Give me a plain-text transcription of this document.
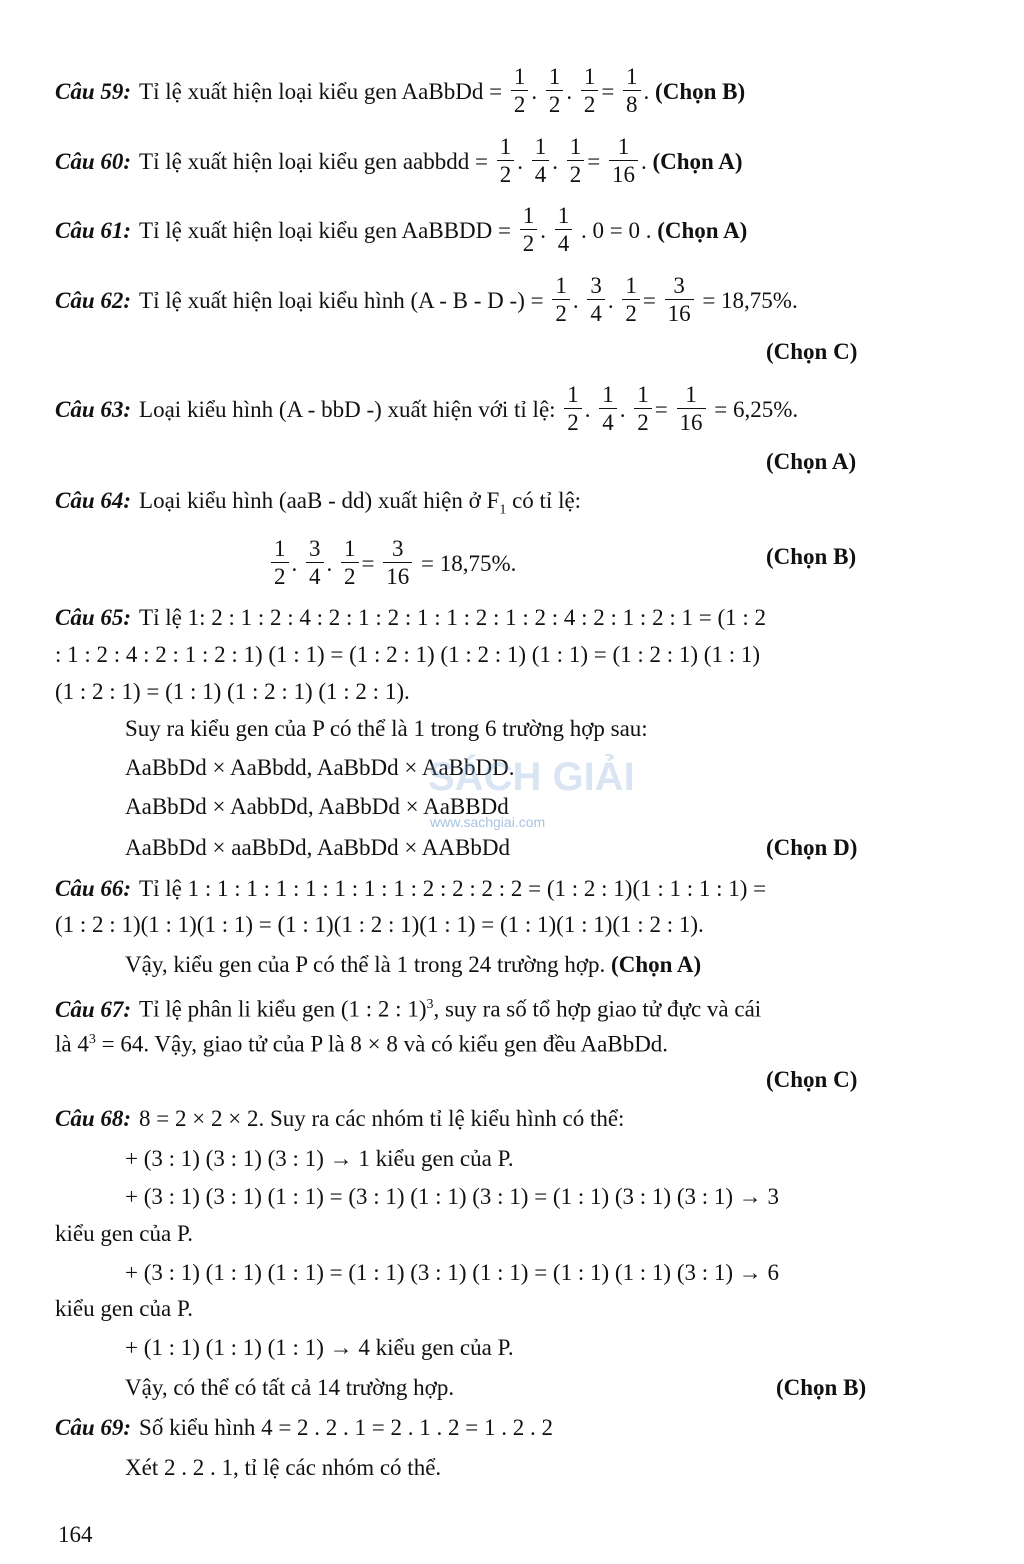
Câu 59: Tỉ lệ xuất hiện loại kiểu gen AaBbDd = $\frac{1}{2}$ . $\frac{1}{2}$ . $\frac{1}{2} = \frac{1}{8}$ . (Chọn B)
Câu 60: Tỉ lệ xuất hiện loại kiểu gen aabbdd = $\frac{1}{2}$ . $\frac{1}{4}$ . $\frac{1}{2} = \frac{1}{16}$ . (Chọn A)
Câu 61: Tỉ lệ xuất hiện loại kiểu gen AaBBDD = $\frac{1}{2}$ . $\frac{1}{4}$ . 0 = 0 . (Chọn A)
Câu 62: Tỉ lệ xuất hiện loại kiểu hình (A - B - D -) = $\frac{1}{2}$ . $\frac{3}{4}$ . $\frac{1}{2} = \frac{3}{16} = 18,75\%$.
(Chọn C)
Câu 63: Loại kiểu hình (A - bbD -) xuất hiện với tỉ lệ: $\frac{1}{2}$ . $\frac{1}{4}$ . $\frac{1}{2} = \frac{1}{16} = 6,25\%$.
(Chọn A)
Câu 64: Loại kiểu hình (aaB - dd) xuất hiện ở $F_1$ có tỉ lệ:
$\frac{1}{2}$ . $\frac{3}{4}$ . $\frac{1}{2} = \frac{3}{16} = 18,75\%$.	(Chọn B)
Câu 65: Tỉ lệ 1: 2 : 1 : 2 : 4 : 2 : 1 : 2 : 1 : 1 : 2 : 1 : 2 : 4 : 2 : 1 : 2 : 1 = (1 : 2
: 1 : 2 : 4 : 2 : 1 : 2 : 1) (1 : 1) = (1 : 2 : 1) (1 : 2 : 1) (1 : 1) = (1 : 2 : 1) (1 : 1)
(1 : 2 : 1) = (1 : 1) (1 : 2 : 1) (1 : 2 : 1).
Suy ra kiểu gen của P có thể là 1 trong 6 trường hợp sau:
AaBbDd × AaBbdd, AaBbDd × AaBbDD.
AaBbDd × AabbDd, AaBbDd × AaBBDd
AaBbDd × aaBbDd, AaBbDd × AABbDd	(Chọn D)
Câu 66: Tỉ lệ 1 : 1 : 1 : 1 : 1 : 1 : 1 : 1 : 2 : 2 : 2 : 2 = (1 : 2 : 1)(1 : 1 : 1 : 1) =
(1 : 2 : 1)(1 : 1)(1 : 1) = (1 : 1)(1 : 2 : 1)(1 : 1) = (1 : 1)(1 : 1)(1 : 2 : 1).
Vậy, kiểu gen của P có thể là 1 trong 24 trường hợp. (Chọn A)
Câu 67: Tỉ lệ phân li kiểu gen (1 : 2 : 1)$^3$, suy ra số tổ hợp giao tử đực và cái
là $4^3 = 64$. Vậy, giao tử của P là 8 × 8 và có kiểu gen đều AaBbDd.
(Chọn C)
Câu 68: 8 = 2 × 2 × 2. Suy ra các nhóm tỉ lệ kiểu hình có thể:
+ (3 : 1) (3 : 1) (3 : 1) → 1 kiểu gen của P.
+ (3 : 1) (3 : 1) (1 : 1) = (3 : 1) (1 : 1) (3 : 1) = (1 : 1) (3 : 1) (3 : 1) → 3
kiểu gen của P.
+ (3 : 1) (1 : 1) (1 : 1) = (1 : 1) (3 : 1) (1 : 1) = (1 : 1) (1 : 1) (3 : 1) → 6
kiểu gen của P.
+ (1 : 1) (1 : 1) (1 : 1) → 4 kiểu gen của P.
Vậy, có thể có tất cả 14 trường hợp.	(Chọn B)
Câu 69: Số kiểu hình 4 = 2 . 2 . 1 = 2 . 1 . 2 = 1 . 2 . 2
Xét 2 . 2 . 1, tỉ lệ các nhóm có thể.
SÁCH GIẢI
www.sachgiai.com
164
